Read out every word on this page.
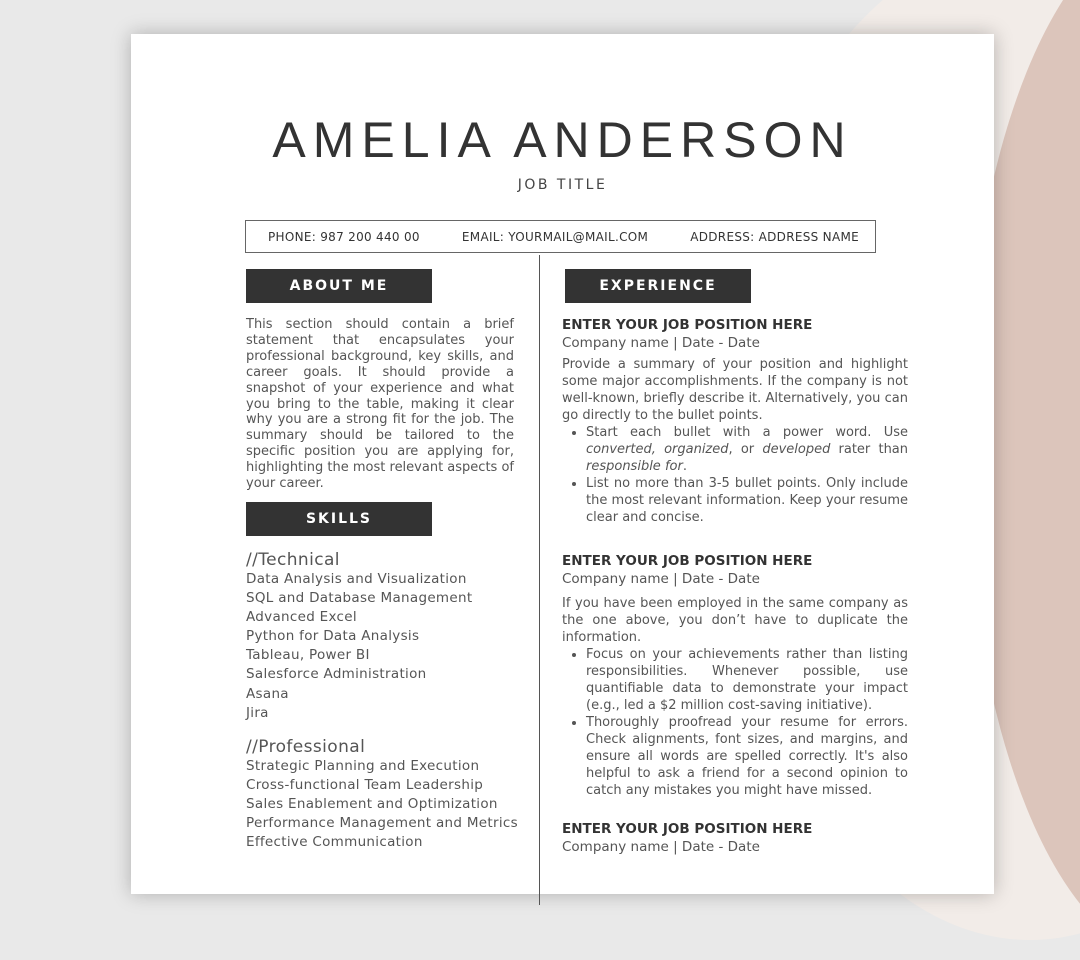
AMELIA ANDERSON
JOB TITLE
PHONE: 987 200 440 00	EMAIL: YOURMAIL@MAIL.COM	ADDRESS: ADDRESS NAME
ABOUT ME

This section should contain a brief statement that encapsulates your professional background, key skills, and career goals. It should provide a snapshot of your experience and what you bring to the table, making it clear why you are a strong fit for the job. The summary should be tailored to the specific position you are applying for, highlighting the most relevant aspects of your career.

SKILLS

//Technical

Data Analysis and Visualization
SQL and Database Management
Advanced Excel
Python for Data Analysis
Tableau, Power BI
Salesforce Administration
Asana
Jira

//Professional

Strategic Planning and Execution
Cross-functional Team Leadership
Sales Enablement and Optimization
Performance Management and Metrics
Effective Communication
EXPERIENCE

ENTER YOUR JOB POSITION HERE

Company name | Date - Date

Provide a summary of your position and highlight some major accomplishments. If the company is not well-known, briefly describe it. Alternatively, you can go directly to the bullet points.

• Start each bullet with a power word. Use converted, organized, or developed rater than responsible for.
• List no more than 3-5 bullet points. Only include the most relevant information. Keep your resume clear and concise.

ENTER YOUR JOB POSITION HERE

Company name | Date - Date

If you have been employed in the same company as the one above, you don’t have to duplicate the information.

• Focus on your achievements rather than listing responsibilities. Whenever possible, use quantifiable data to demonstrate your impact (e.g., led a $2 million cost-saving initiative).
• Thoroughly proofread your resume for errors. Check alignments, font sizes, and margins, and ensure all words are spelled correctly. It's also helpful to ask a friend for a second opinion to catch any mistakes you might have missed.

ENTER YOUR JOB POSITION HERE

Company name | Date - Date
